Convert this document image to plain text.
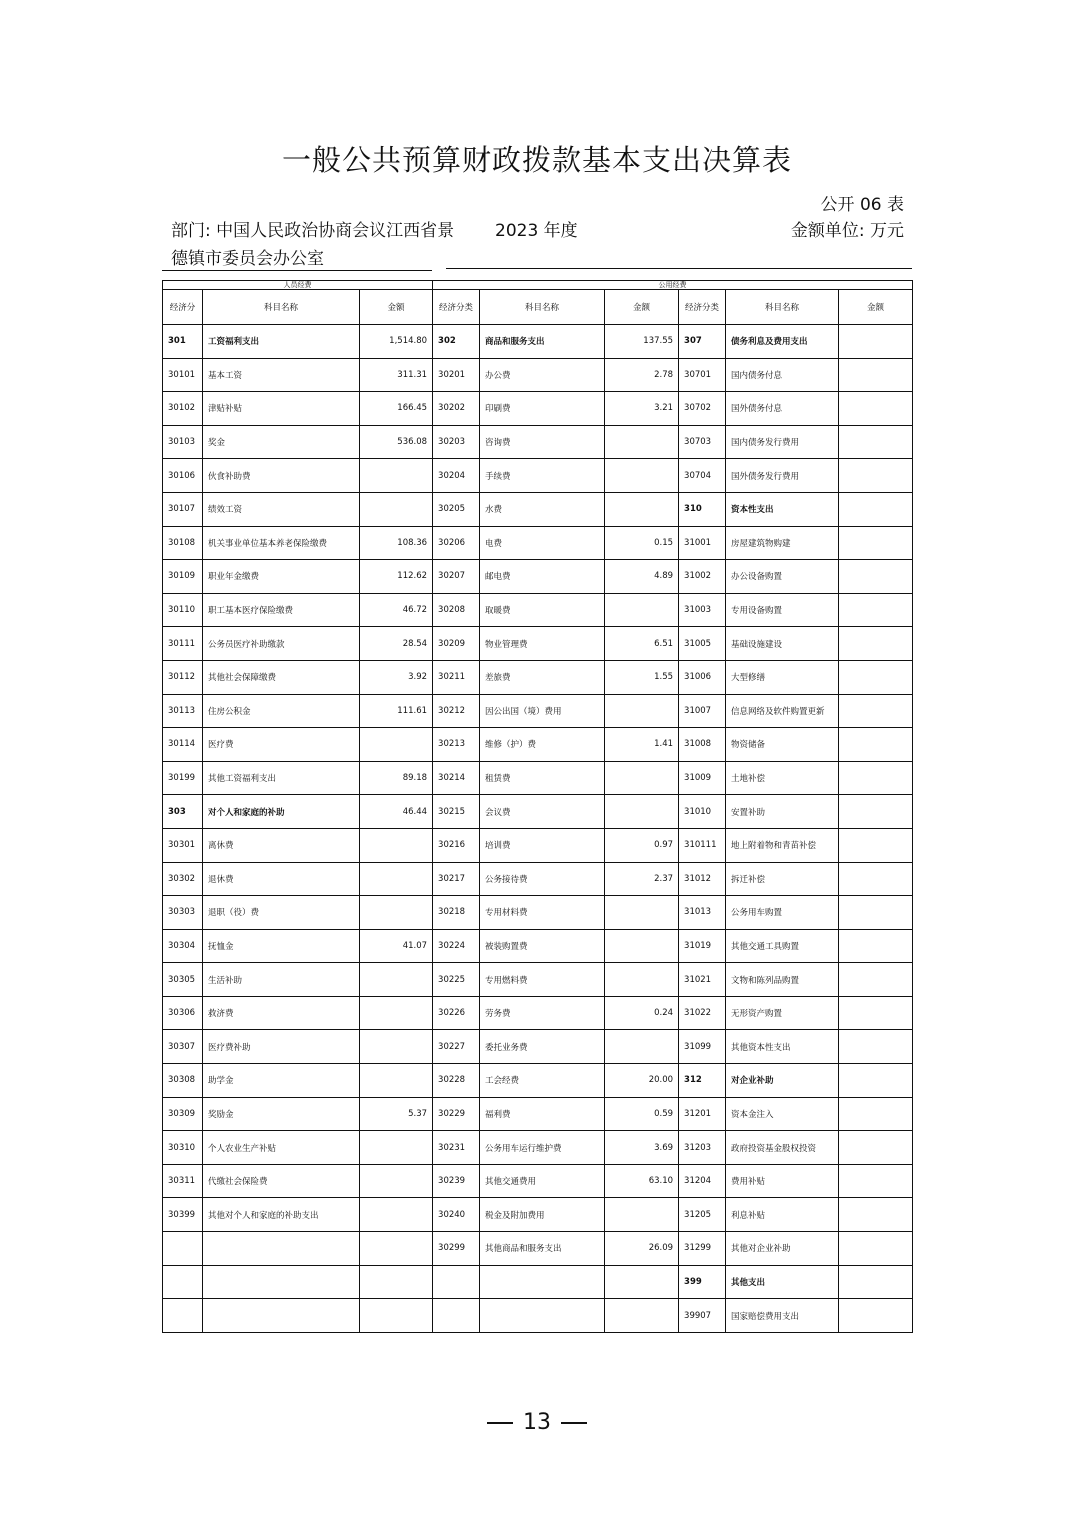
一般公共预算财政拨款基本支出决算表
公开 06 表
部门: 中国人民政治协商会议江西省景德镇市委员会办公室
2023 年度	金额单位: 万元
人员经费			公用经费					
经济分	科目名称	金额	经济分类	科目名称	金额	经济分类	科目名称	金额
301	工资福利支出	1,514.80	302	商品和服务支出	137.55	307	债务利息及费用支出	
30101	基本工资	311.31	30201	办公费	2.78	30701	国内债务付息	
30102	津贴补贴	166.45	30202	印刷费	3.21	30702	国外债务付息	
30103	奖金	536.08	30203	咨询费		30703	国内债务发行费用	
30106	伙食补助费		30204	手续费		30704	国外债务发行费用	
30107	绩效工资		30205	水费		310	资本性支出	
30108	机关事业单位基本养老保险缴费	108.36	30206	电费	0.15	31001	房屋建筑物购建	
30109	职业年金缴费	112.62	30207	邮电费	4.89	31002	办公设备购置	
30110	职工基本医疗保险缴费	46.72	30208	取暖费		31003	专用设备购置	
30111	公务员医疗补助缴款	28.54	30209	物业管理费	6.51	31005	基础设施建设	
30112	其他社会保障缴费	3.92	30211	差旅费	1.55	31006	大型修缮	
30113	住房公积金	111.61	30212	因公出国（境）费用		31007	信息网络及软件购置更新	
30114	医疗费		30213	维修（护）费	1.41	31008	物资储备	
30199	其他工资福利支出	89.18	30214	租赁费		31009	土地补偿	
303	对个人和家庭的补助	46.44	30215	会议费		31010	安置补助	
30301	离休费		30216	培训费	0.97	310111	地上附着物和青苗补偿	
30302	退休费		30217	公务接待费	2.37	31012	拆迁补偿	
30303	退职（役）费		30218	专用材料费		31013	公务用车购置	
30304	抚恤金	41.07	30224	被装购置费		31019	其他交通工具购置	
30305	生活补助		30225	专用燃料费		31021	文物和陈列品购置	
30306	救济费		30226	劳务费	0.24	31022	无形资产购置	
30307	医疗费补助		30227	委托业务费		31099	其他资本性支出	
30308	助学金		30228	工会经费	20.00	312	对企业补助	
30309	奖励金	5.37	30229	福利费	0.59	31201	资本金注入	
30310	个人农业生产补贴		30231	公务用车运行维护费	3.69	31203	政府投资基金股权投资	
30311	代缴社会保险费		30239	其他交通费用	63.10	31204	费用补贴	
30399	其他对个人和家庭的补助支出		30240	税金及附加费用		31205	利息补贴	
			30299	其他商品和服务支出	26.09	31299	其他对企业补助	
						399	其他支出	
						39907	国家赔偿费用支出	
13
